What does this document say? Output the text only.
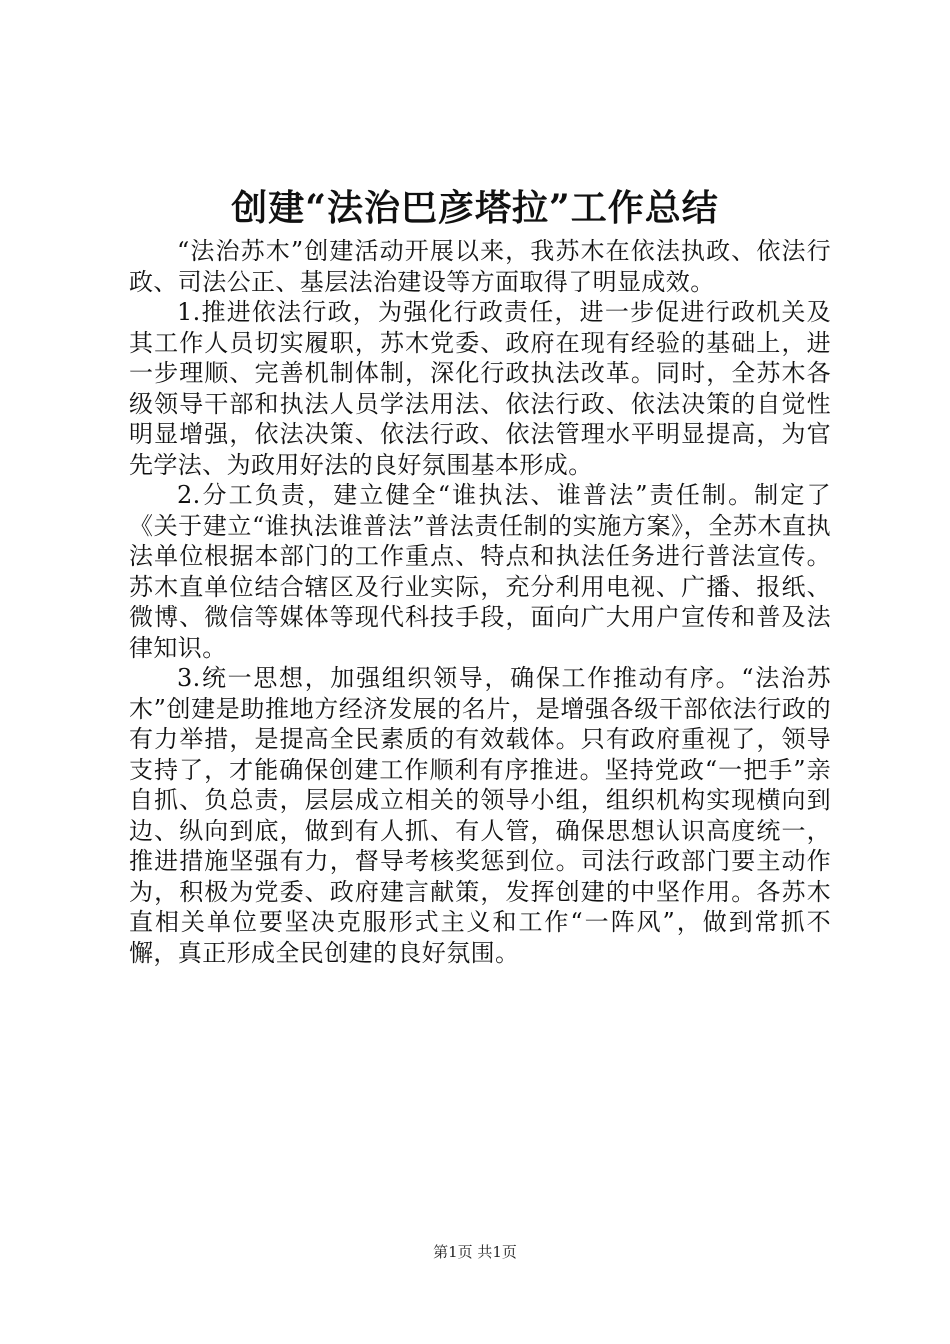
创建“法治巴彦塔拉”工作总结

“法治苏木”创建活动开展以来，我苏木在依法执政、依法行政、司法公正、基层法治建设等方面取得了明显成效。

1.推进依法行政，为强化行政责任，进一步促进行政机关及其工作人员切实履职，苏木党委、政府在现有经验的基础上，进一步理顺、完善机制体制，深化行政执法改革。同时，全苏木各级领导干部和执法人员学法用法、依法行政、依法决策的自觉性明显增强，依法决策、依法行政、依法管理水平明显提高，为官先学法、为政用好法的良好氛围基本形成。

2.分工负责，建立健全“谁执法、谁普法”责任制。制定了《关于建立“谁执法谁普法”普法责任制的实施方案》，全苏木直执法单位根据本部门的工作重点、特点和执法任务进行普法宣传。苏木直单位结合辖区及行业实际，充分利用电视、广播、报纸、微博、微信等媒体等现代科技手段，面向广大用户宣传和普及法律知识。

3.统一思想，加强组织领导，确保工作推动有序。“法治苏木”创建是助推地方经济发展的名片，是增强各级干部依法行政的有力举措，是提高全民素质的有效载体。只有政府重视了，领导支持了，才能确保创建工作顺利有序推进。坚持党政“一把手”亲自抓、负总责，层层成立相关的领导小组，组织机构实现横向到边、纵向到底，做到有人抓、有人管，确保思想认识高度统一，推进措施坚强有力，督导考核奖惩到位。司法行政部门要主动作为，积极为党委、政府建言献策，发挥创建的中坚作用。各苏木直相关单位要坚决克服形式主义和工作“一阵风”，做到常抓不懈，真正形成全民创建的良好氛围。

第1页 共1页
